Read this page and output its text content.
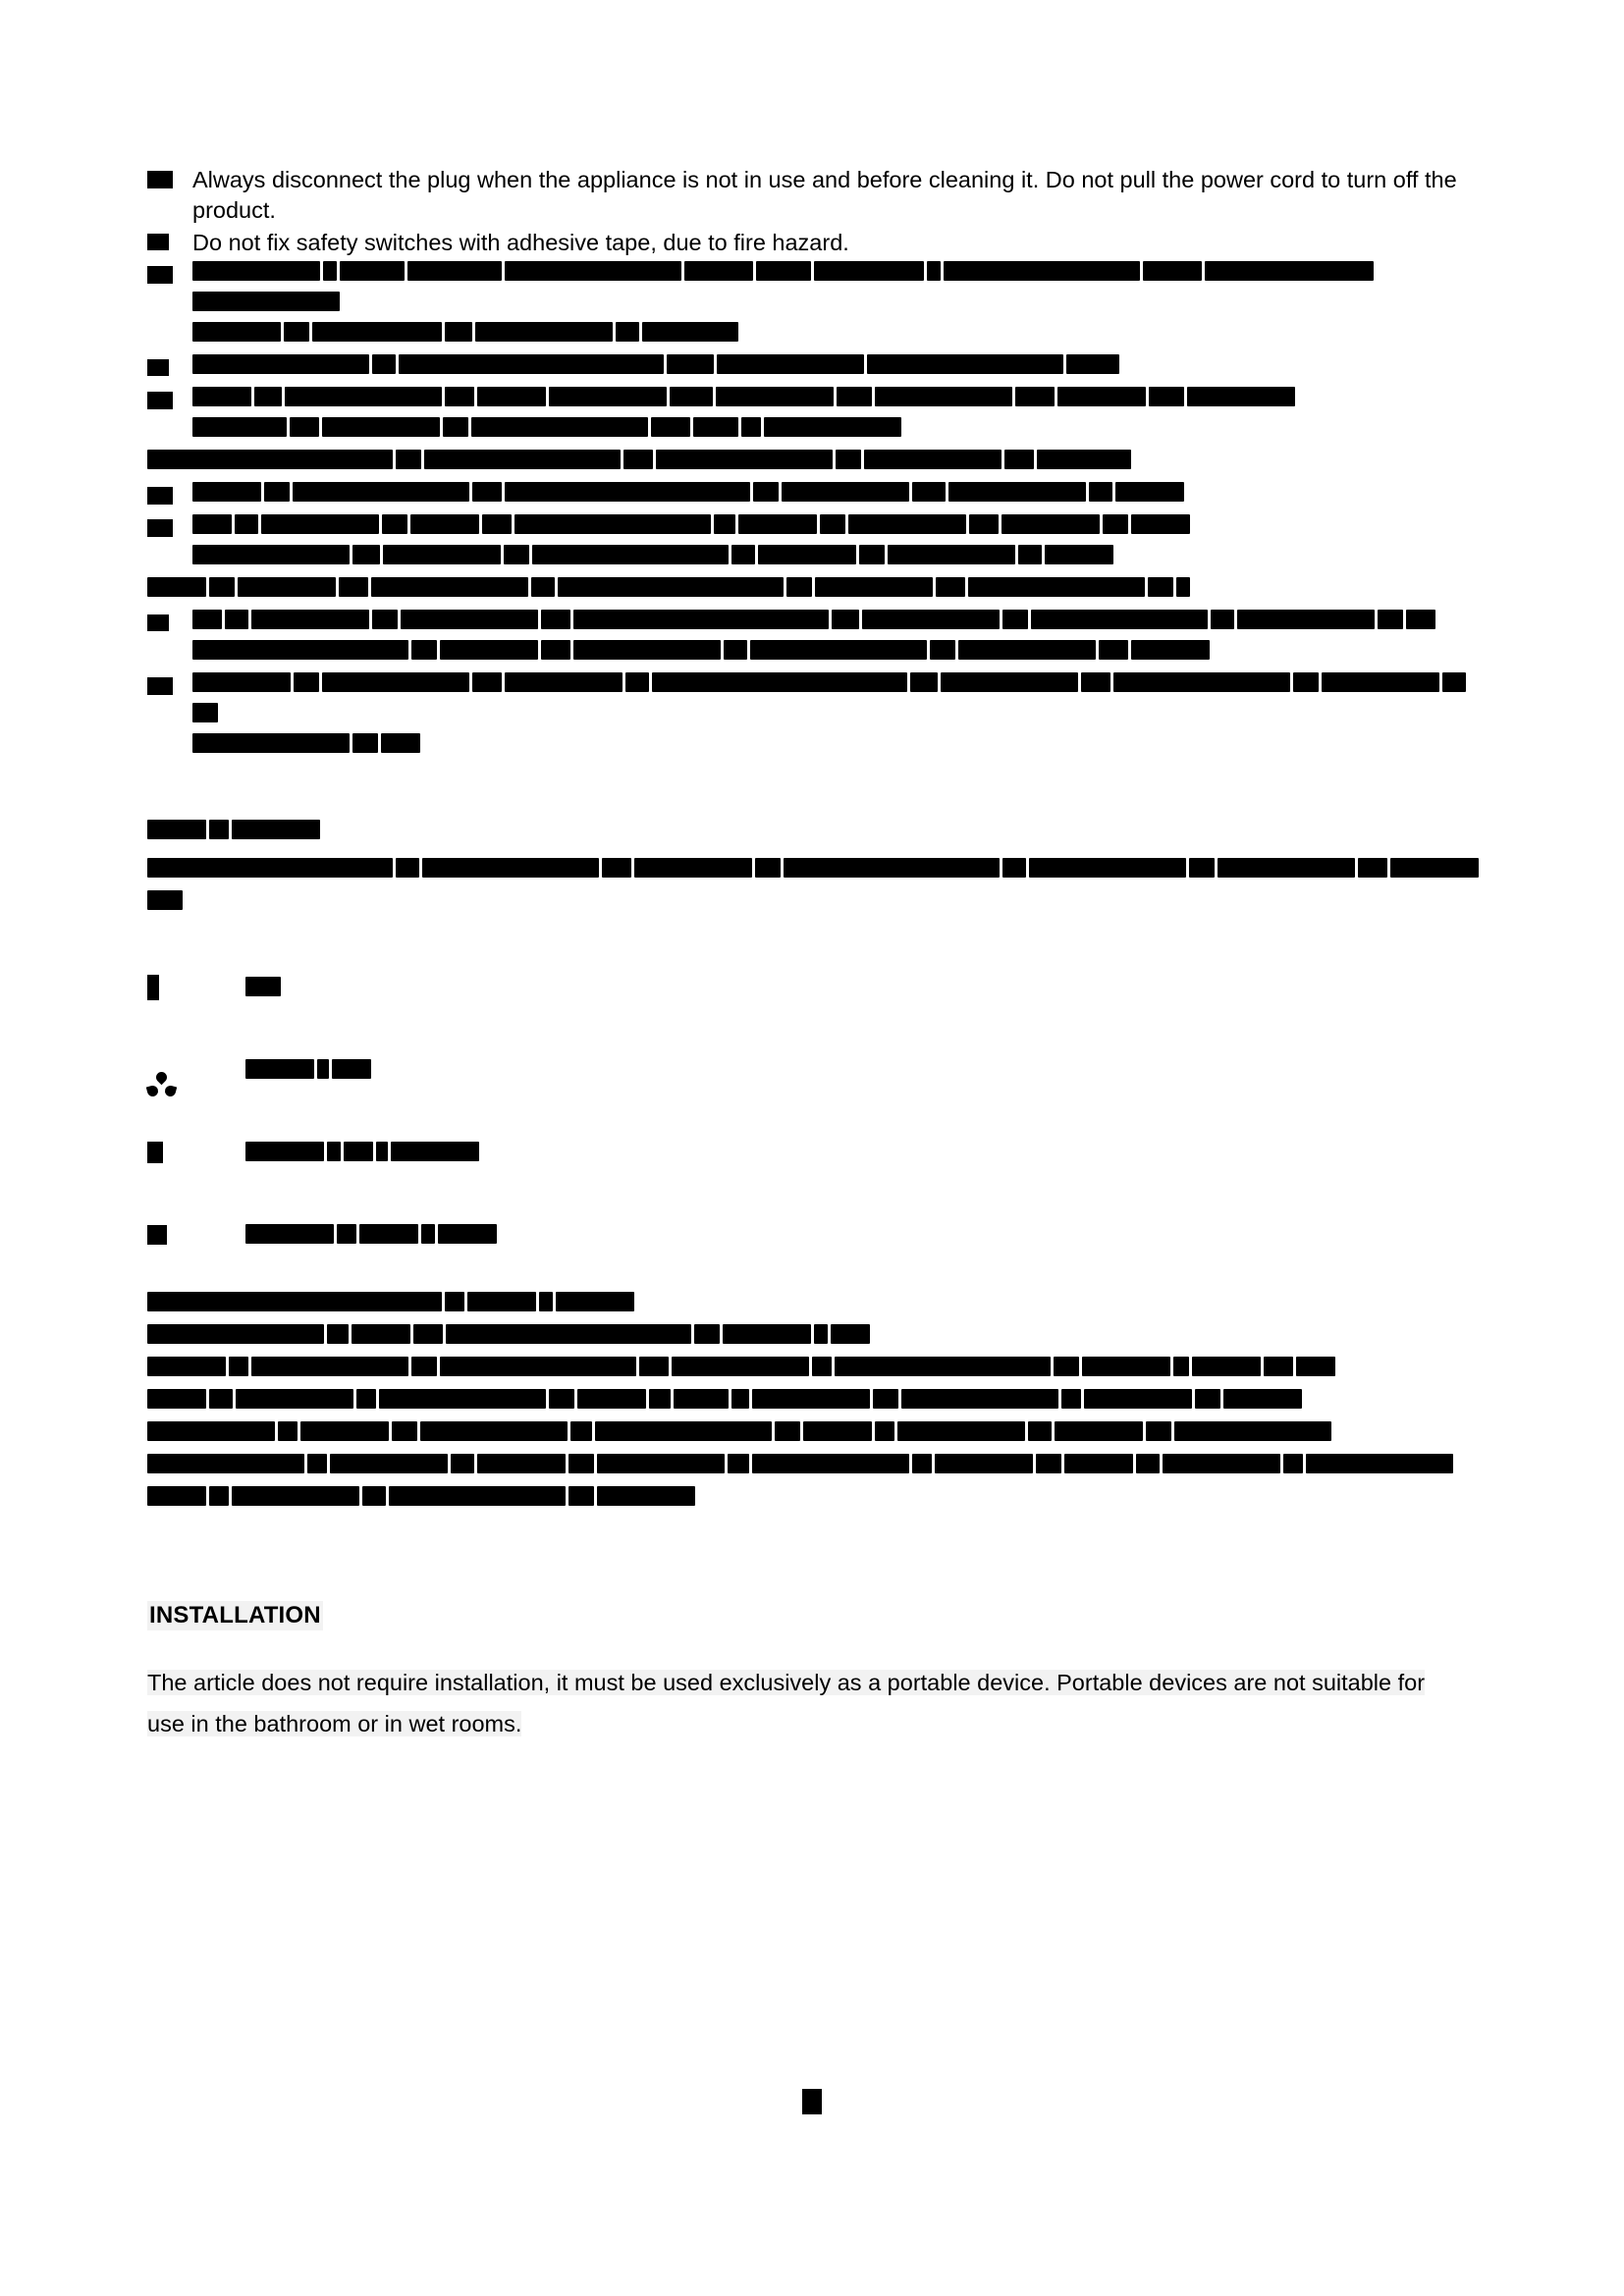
Always disconnect the plug when the appliance is not in use and before cleaning it. Do not pull the power cord to turn off the product.
Do not fix safety switches with adhesive tape, due to fire hazard.
INSTALLATION
The article does not require installation, it must be used exclusively as a portable device. Portable devices are not suitable for use in the bathroom or in wet rooms.
